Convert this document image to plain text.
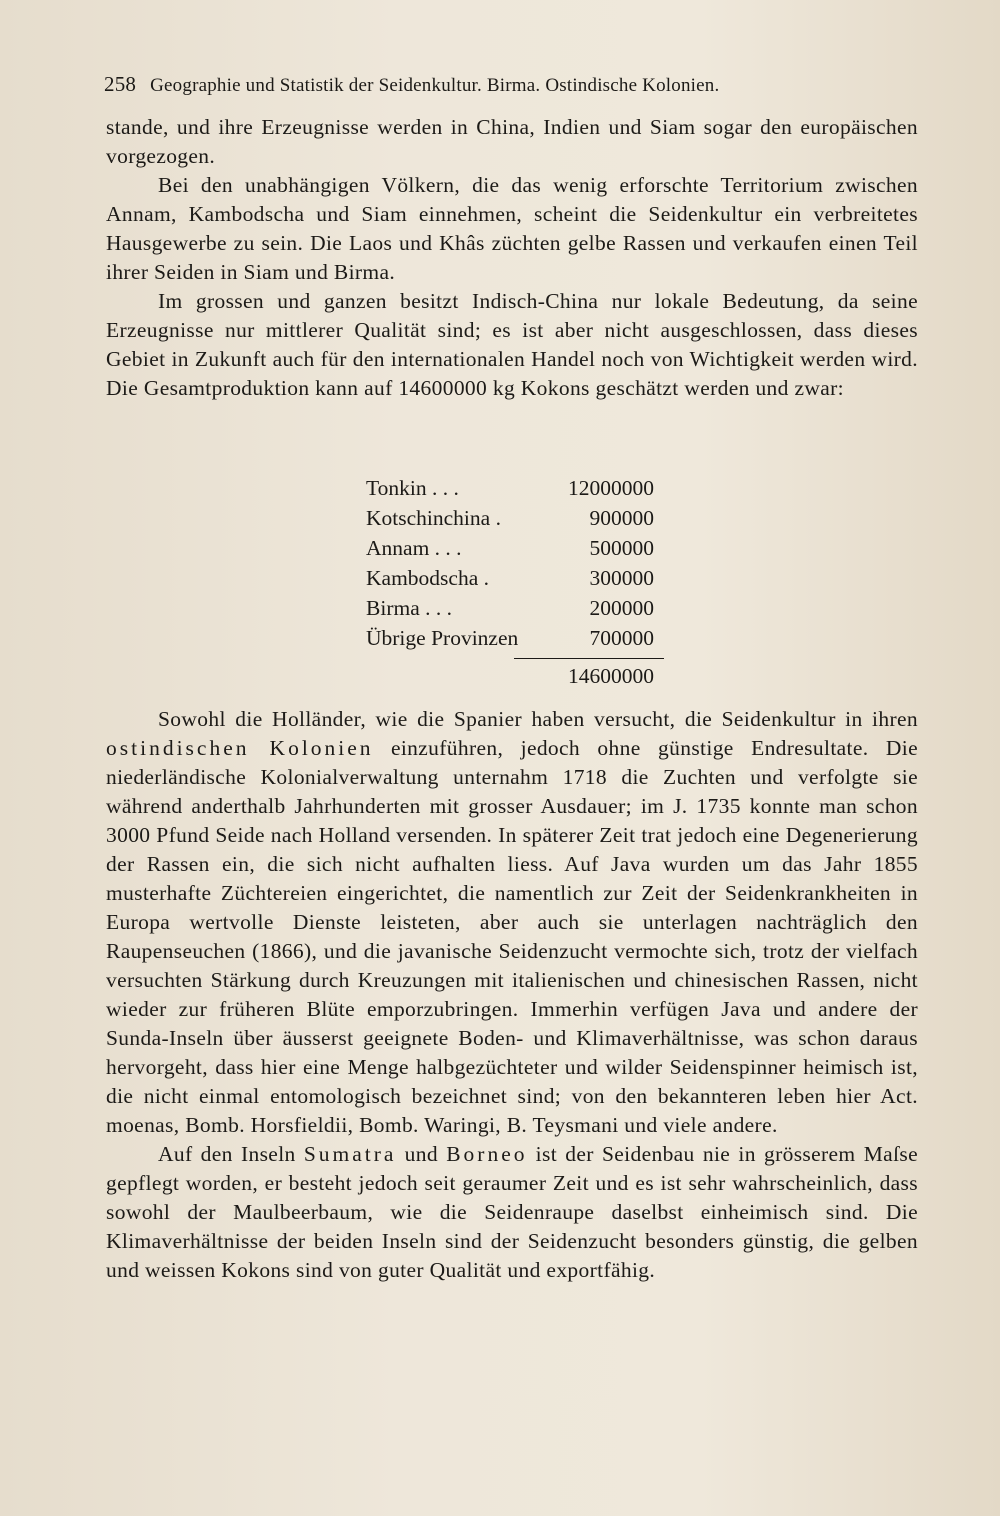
258 Geographie und Statistik der Seidenkultur. Birma. Ostindische Kolonien.

stande, und ihre Erzeugnisse werden in China, Indien und Siam sogar den europäischen vorgezogen.

Bei den unabhängigen Völkern, die das wenig erforschte Territorium zwischen Annam, Kambodscha und Siam einnehmen, scheint die Seidenkultur ein verbreitetes Hausgewerbe zu sein. Die Laos und Khâs züchten gelbe Rassen und verkaufen einen Teil ihrer Seiden in Siam und Birma.

Im grossen und ganzen besitzt Indisch-China nur lokale Bedeutung, da seine Erzeugnisse nur mittlerer Qualität sind; es ist aber nicht ausgeschlossen, dass dieses Gebiet in Zukunft auch für den internationalen Handel noch von Wichtigkeit werden wird. Die Gesamtproduktion kann auf 14600000 kg Kokons geschätzt werden und zwar:

Tonkin . . .	12000000
Kotschinchina .	900000
Annam . . .	500000
Kambodscha .	300000
Birma . . .	200000
Übrige Provinzen	700000
14600000

Sowohl die Holländer, wie die Spanier haben versucht, die Seidenkultur in ihren ostindischen Kolonien einzuführen, jedoch ohne günstige Endresultate. Die niederländische Kolonialverwaltung unternahm 1718 die Zuchten und verfolgte sie während anderthalb Jahrhunderten mit grosser Ausdauer; im J. 1735 konnte man schon 3000 Pfund Seide nach Holland versenden. In späterer Zeit trat jedoch eine Degenerierung der Rassen ein, die sich nicht aufhalten liess. Auf Java wurden um das Jahr 1855 musterhafte Züchtereien eingerichtet, die namentlich zur Zeit der Seidenkrankheiten in Europa wertvolle Dienste leisteten, aber auch sie unterlagen nachträglich den Raupenseuchen (1866), und die javanische Seidenzucht vermochte sich, trotz der vielfach versuchten Stärkung durch Kreuzungen mit italienischen und chinesischen Rassen, nicht wieder zur früheren Blüte emporzubringen. Immerhin verfügen Java und andere der Sunda-Inseln über äusserst geeignete Boden- und Klimaverhältnisse, was schon daraus hervorgeht, dass hier eine Menge halbgezüchteter und wilder Seidenspinner heimisch ist, die nicht einmal entomologisch bezeichnet sind; von den bekannteren leben hier Act. moenas, Bomb. Horsfieldii, Bomb. Waringi, B. Teysmani und viele andere.

Auf den Inseln Sumatra und Borneo ist der Seidenbau nie in grösserem Maſse gepflegt worden, er besteht jedoch seit geraumer Zeit und es ist sehr wahrscheinlich, dass sowohl der Maulbeerbaum, wie die Seidenraupe daselbst einheimisch sind. Die Klimaverhältnisse der beiden Inseln sind der Seidenzucht besonders günstig, die gelben und weissen Kokons sind von guter Qualität und exportfähig.
